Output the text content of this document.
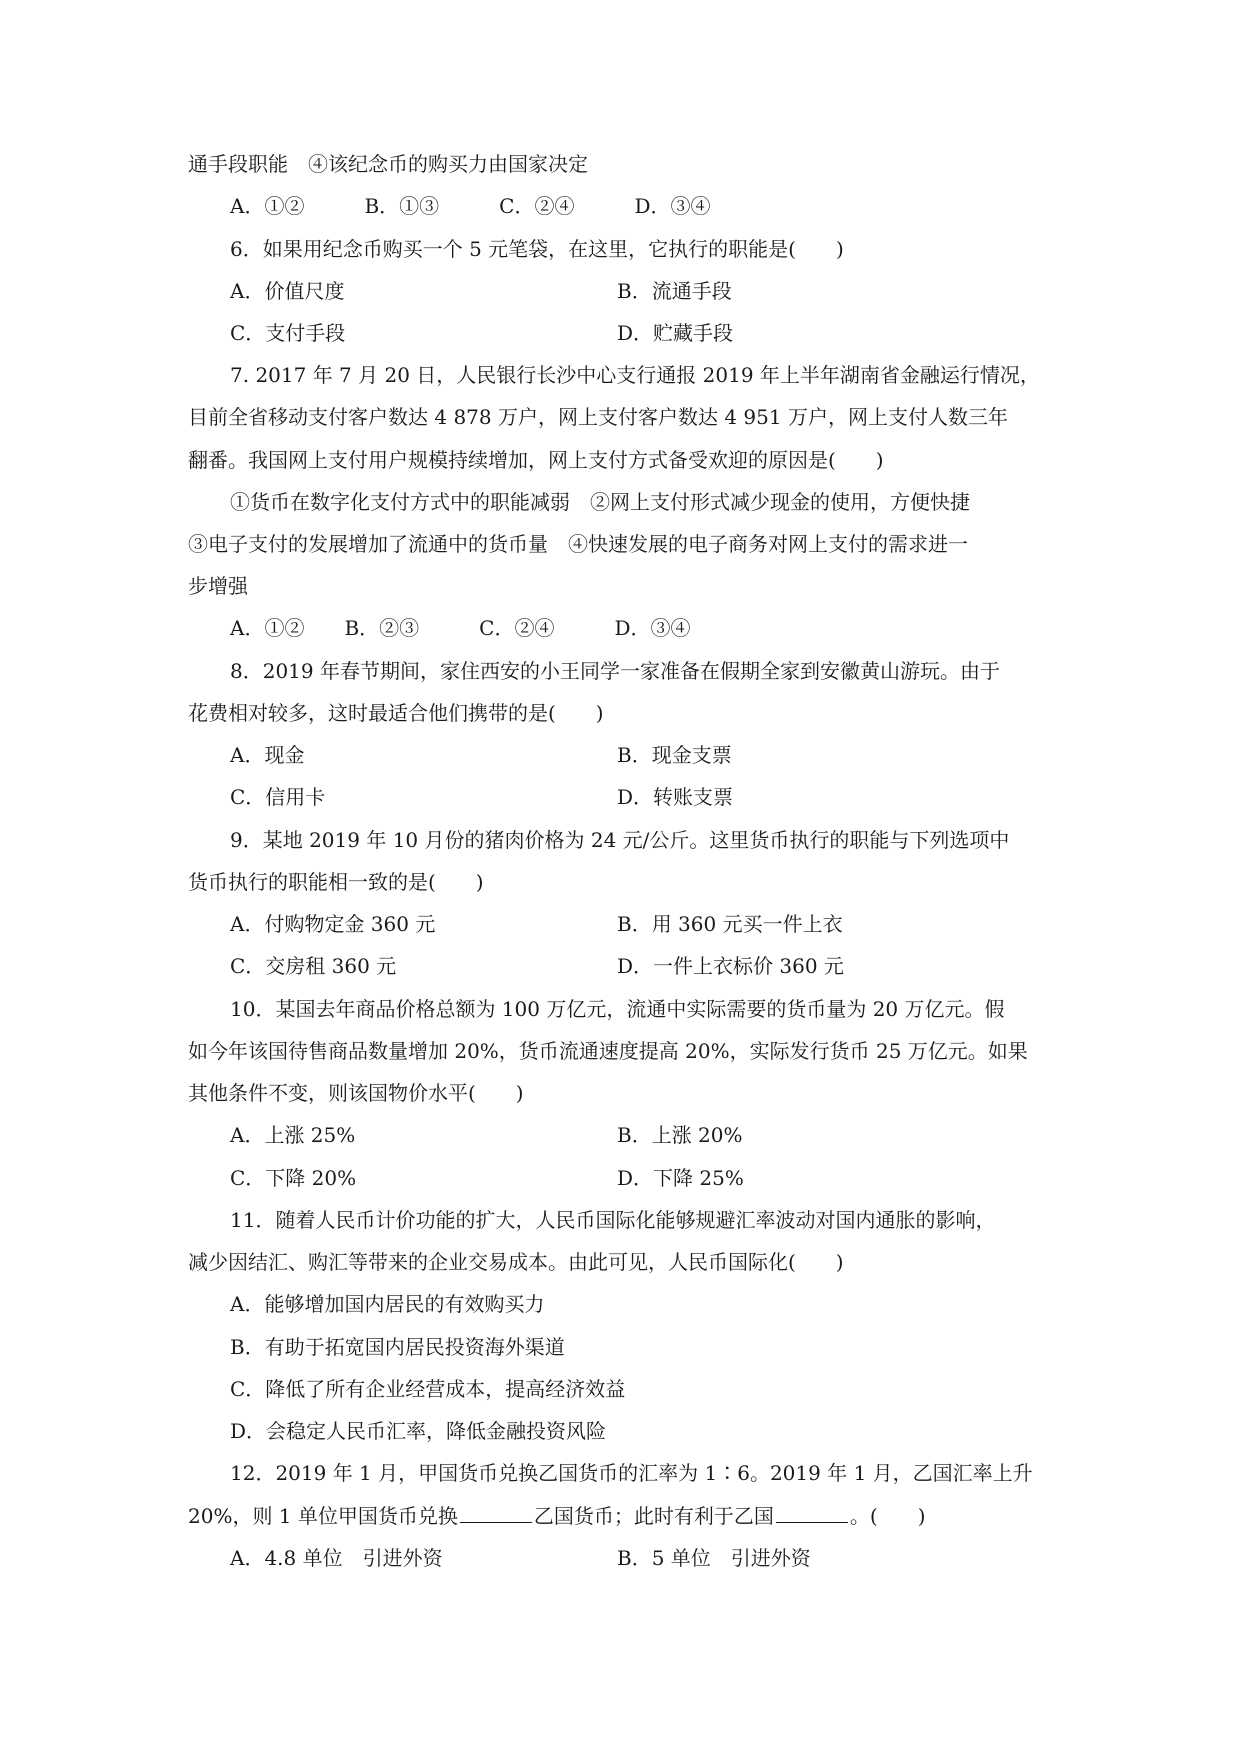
通手段职能　④该纪念币的购买力由国家决定
A．①②　　　B．①③　　　C．②④　　　D．③④
6．如果用纪念币购买一个 5 元笔袋，在这里，它执行的职能是(　　)
A．价值尺度	B．流通手段
C．支付手段	D．贮藏手段
7. 2017 年 7 月 20 日，人民银行长沙中心支行通报 2019 年上半年湖南省金融运行情况，
目前全省移动支付客户数达 4 878 万户，网上支付客户数达 4 951 万户，网上支付人数三年
翻番。我国网上支付用户规模持续增加，网上支付方式备受欢迎的原因是(　　)
①货币在数字化支付方式中的职能减弱　②网上支付形式减少现金的使用，方便快捷
③电子支付的发展增加了流通中的货币量　④快速发展的电子商务对网上支付的需求进一
步增强
A．①②　　B．②③　　　C．②④　　　D．③④
8．2019 年春节期间，家住西安的小王同学一家准备在假期全家到安徽黄山游玩。由于
花费相对较多，这时最适合他们携带的是(　　)
A．现金	B．现金支票
C．信用卡	D．转账支票
9．某地 2019 年 10 月份的猪肉价格为 24 元/公斤。这里货币执行的职能与下列选项中
货币执行的职能相一致的是(　　)
A．付购物定金 360 元	B．用 360 元买一件上衣
C．交房租 360 元	D．一件上衣标价 360 元
10．某国去年商品价格总额为 100 万亿元，流通中实际需要的货币量为 20 万亿元。假
如今年该国待售商品数量增加 20%，货币流通速度提高 20%，实际发行货币 25 万亿元。如果
其他条件不变，则该国物价水平(　　)
A．上涨 25%	B．上涨 20%
C．下降 20%	D．下降 25%
11．随着人民币计价功能的扩大，人民币国际化能够规避汇率波动对国内通胀的影响，
减少因结汇、购汇等带来的企业交易成本。由此可见，人民币国际化(　　)
A．能够增加国内居民的有效购买力
B．有助于拓宽国内居民投资海外渠道
C．降低了所有企业经营成本，提高经济效益
D．会稳定人民币汇率，降低金融投资风险
12．2019 年 1 月，甲国货币兑换乙国货币的汇率为 1∶6。2019 年 1 月，乙国汇率上升
20%，则 1 单位甲国货币兑换	乙国货币；此时有利于乙国	。(　　)
A．4.8 单位　引进外资	B．5 单位　引进外资
